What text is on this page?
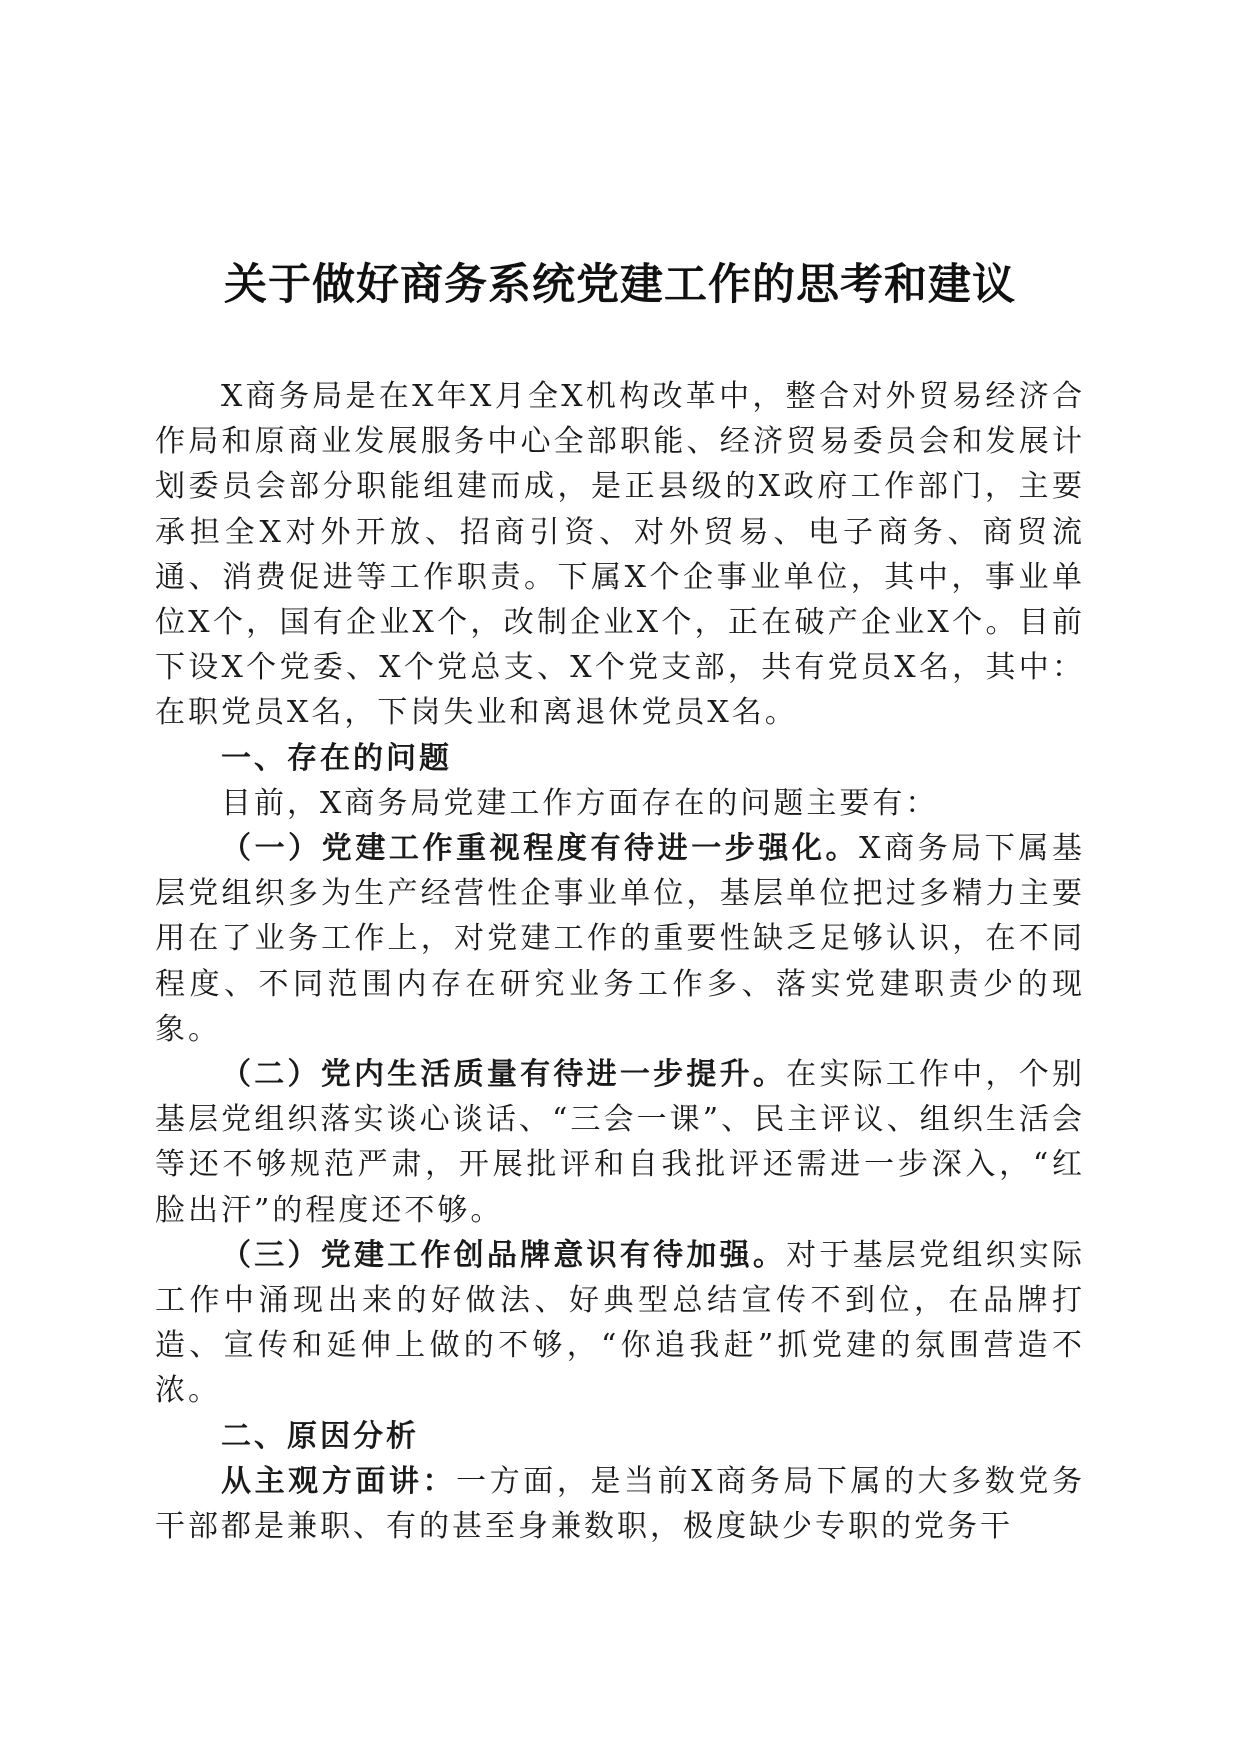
关于做好商务系统党建工作的思考和建议

X商务局是在X年X月全X机构改革中，整合对外贸易经济合作局和原商业发展服务中心全部职能、经济贸易委员会和发展计划委员会部分职能组建而成，是正县级的X政府工作部门，主要承担全X对外开放、招商引资、对外贸易、电子商务、商贸流通、消费促进等工作职责。下属X个企事业单位，其中，事业单位X个，国有企业X个，改制企业X个，正在破产企业X个。目前下设X个党委、X个党总支、X个党支部，共有党员X名，其中：在职党员X名，下岗失业和离退休党员X名。

一、存在的问题

目前，X商务局党建工作方面存在的问题主要有：

（一）党建工作重视程度有待进一步强化。X商务局下属基层党组织多为生产经营性企事业单位，基层单位把过多精力主要用在了业务工作上，对党建工作的重要性缺乏足够认识，在不同程度、不同范围内存在研究业务工作多、落实党建职责少的现象。

（二）党内生活质量有待进一步提升。在实际工作中，个别基层党组织落实谈心谈话、“三会一课”、民主评议、组织生活会等还不够规范严肃，开展批评和自我批评还需进一步深入，“红脸出汗”的程度还不够。

（三）党建工作创品牌意识有待加强。对于基层党组织实际工作中涌现出来的好做法、好典型总结宣传不到位，在品牌打造、宣传和延伸上做的不够，“你追我赶”抓党建的氛围营造不浓。

二、原因分析

从主观方面讲：一方面，是当前X商务局下属的大多数党务干部都是兼职、有的甚至身兼数职，极度缺少专职的党务干
